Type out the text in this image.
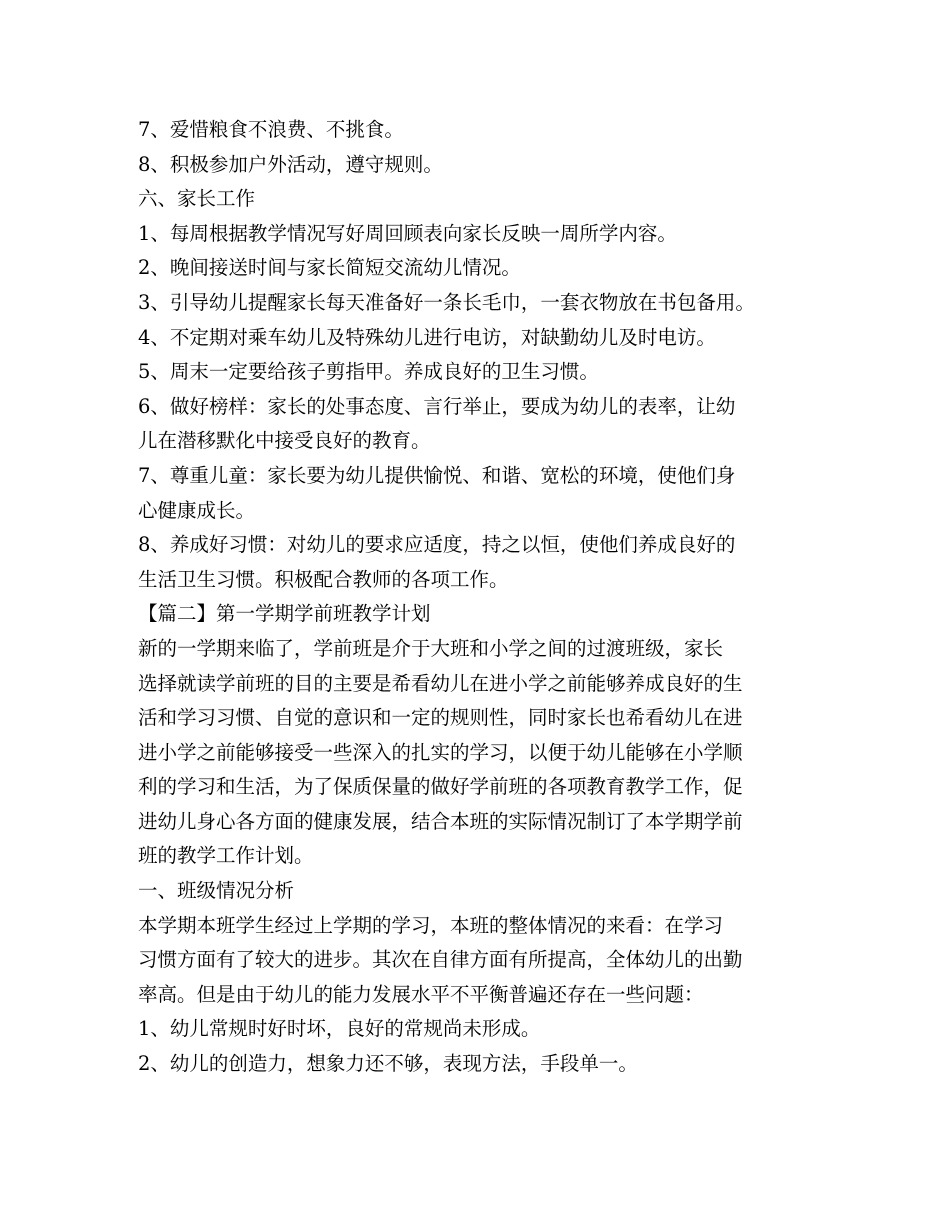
7、爱惜粮食不浪费、不挑食。
8、积极参加户外活动，遵守规则。
六、家长工作
1、每周根据教学情况写好周回顾表向家长反映一周所学内容。
2、晚间接送时间与家长简短交流幼儿情况。
3、引导幼儿提醒家长每天准备好一条长毛巾，一套衣物放在书包备用。
4、不定期对乘车幼儿及特殊幼儿进行电访，对缺勤幼儿及时电访。
5、周末一定要给孩子剪指甲。养成良好的卫生习惯。
6、做好榜样：家长的处事态度、言行举止，要成为幼儿的表率，让幼
儿在潜移默化中接受良好的教育。
7、尊重儿童：家长要为幼儿提供愉悦、和谐、宽松的环境，使他们身
心健康成长。
8、养成好习惯：对幼儿的要求应适度，持之以恒，使他们养成良好的
生活卫生习惯。积极配合教师的各项工作。
【篇二】第一学期学前班教学计划
新的一学期来临了，学前班是介于大班和小学之间的过渡班级，家长
选择就读学前班的目的主要是希看幼儿在进小学之前能够养成良好的生
活和学习习惯、自觉的意识和一定的规则性，同时家长也希看幼儿在进
进小学之前能够接受一些深入的扎实的学习，以便于幼儿能够在小学顺
利的学习和生活，为了保质保量的做好学前班的各项教育教学工作，促
进幼儿身心各方面的健康发展，结合本班的实际情况制订了本学期学前
班的教学工作计划。
一、班级情况分析
本学期本班学生经过上学期的学习，本班的整体情况的来看：在学习
习惯方面有了较大的进步。其次在自律方面有所提高，全体幼儿的出勤
率高。但是由于幼儿的能力发展水平不平衡普遍还存在一些问题：
1、幼儿常规时好时坏，良好的常规尚未形成。
2、幼儿的创造力，想象力还不够，表现方法，手段单一。
